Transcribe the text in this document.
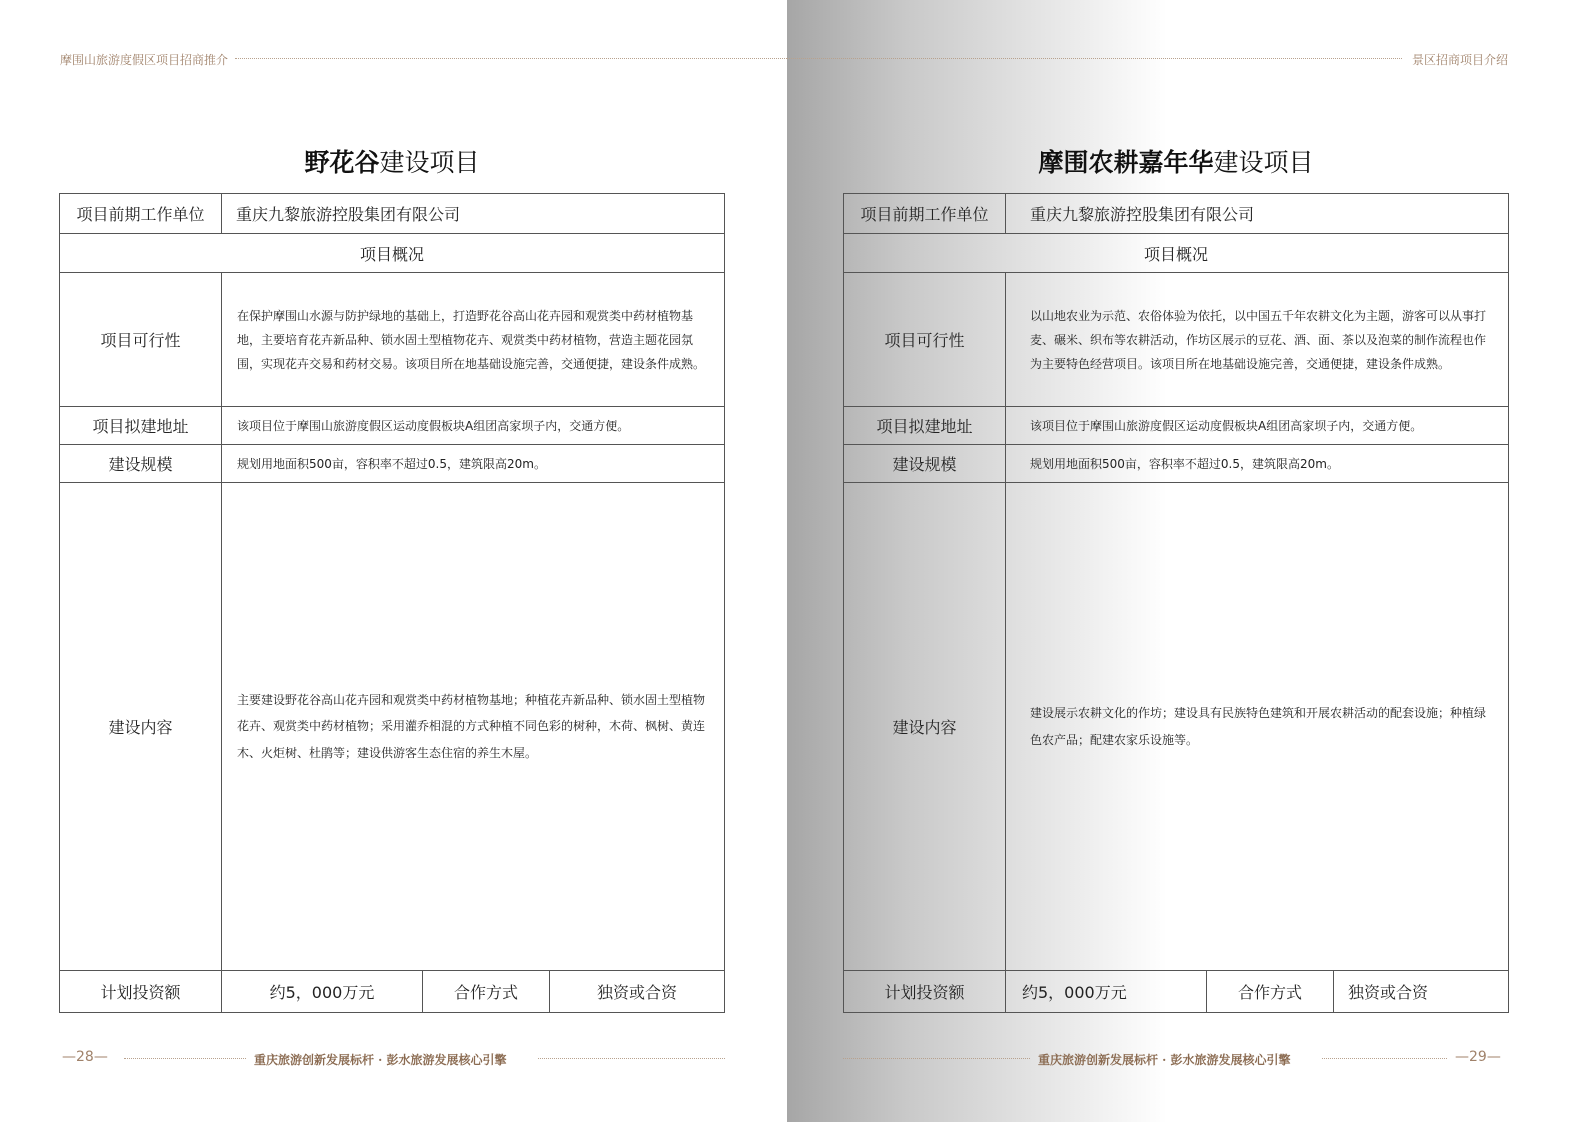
摩围山旅游度假区项目招商推介
野花谷建设项目
项目前期工作单位	重庆九黎旅游控股集团有限公司		
项目概况			
项目可行性	在保护摩围山水源与防护绿地的基础上，打造野花谷高山花卉园和观赏类中药材植物基地，主要培育花卉新品种、锁水固土型植物花卉、观赏类中药材植物，营造主题花园氛围，实现花卉交易和药材交易。该项目所在地基础设施完善，交通便捷，建设条件成熟。		
项目拟建地址	该项目位于摩围山旅游度假区运动度假板块A组团高家坝子内，交通方便。		
建设规模	规划用地面积500亩，容积率不超过0.5，建筑限高20m。		
建设内容	主要建设野花谷高山花卉园和观赏类中药材植物基地；种植花卉新品种、锁水固土型植物花卉、观赏类中药材植物；采用灌乔相混的方式种植不同色彩的树种，木荷、枫树、黄连木、火炬树、杜鹃等；建设供游客生态住宿的养生木屋。		
计划投资额	约5，000万元	合作方式	独资或合资
—28—	重庆旅游创新发展标杆 · 彭水旅游发展核心引擎
景区招商项目介绍
摩围农耕嘉年华建设项目
项目前期工作单位	重庆九黎旅游控股集团有限公司		
项目概况			
项目可行性	以山地农业为示范、农俗体验为依托，以中国五千年农耕文化为主题，游客可以从事打麦、碾米、织布等农耕活动，作坊区展示的豆花、酒、面、茶以及泡菜的制作流程也作为主要特色经营项目。该项目所在地基础设施完善，交通便捷，建设条件成熟。		
项目拟建地址	该项目位于摩围山旅游度假区运动度假板块A组团高家坝子内，交通方便。		
建设规模	规划用地面积500亩，容积率不超过0.5，建筑限高20m。		
建设内容	建设展示农耕文化的作坊；建设具有民族特色建筑和开展农耕活动的配套设施；种植绿色农产品；配建农家乐设施等。		
计划投资额	约5，000万元	合作方式	独资或合资
重庆旅游创新发展标杆 · 彭水旅游发展核心引擎	—29—
